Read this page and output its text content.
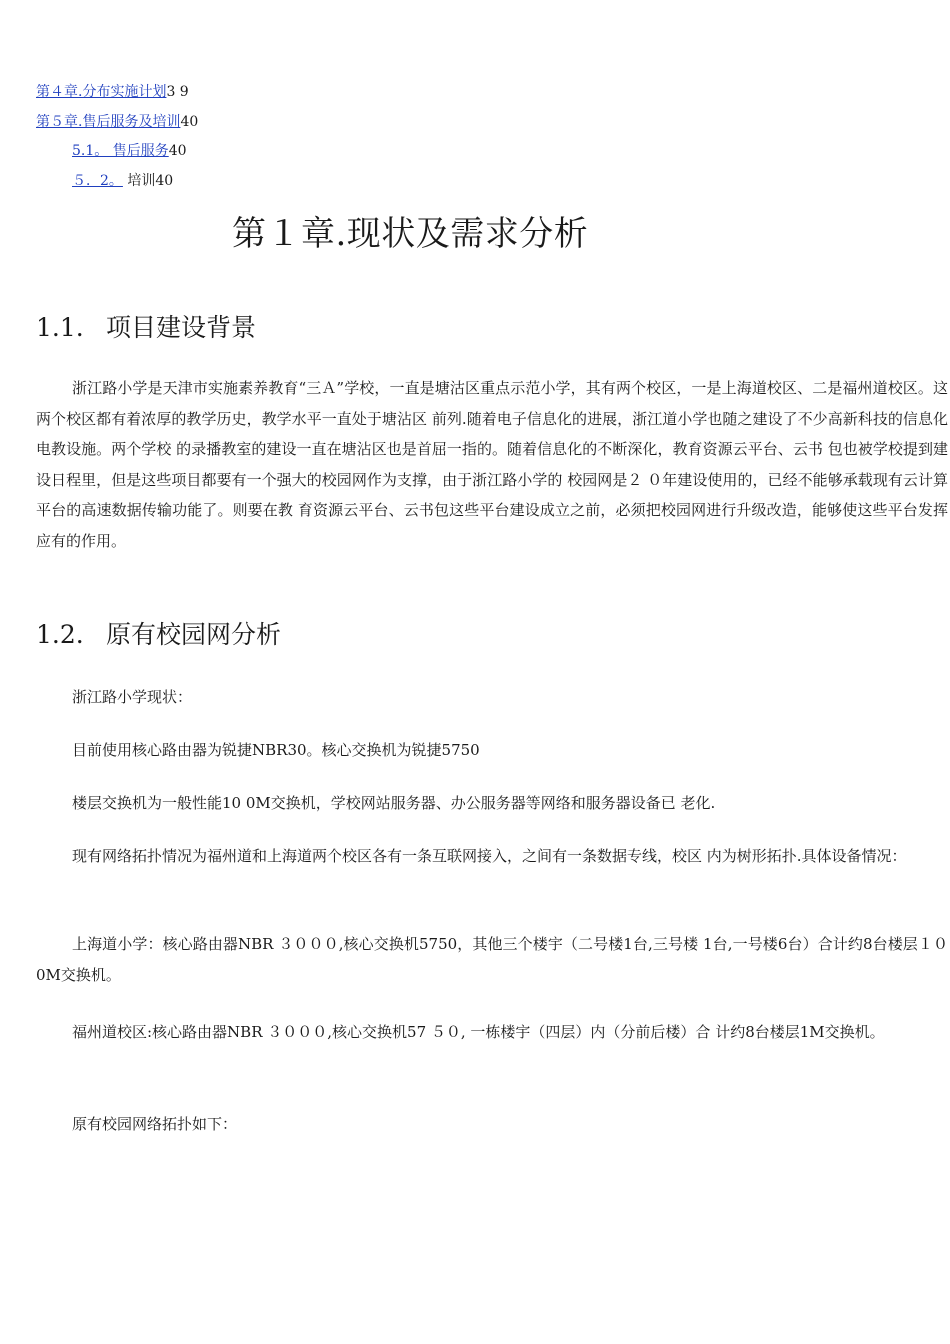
第４章.分布实施计划3 9
第５章.售后服务及培训40
5.1。 售后服务40
５．2。 培训40
第１章.现状及需求分析
1.1. 项目建设背景

浙江路小学是天津市实施素养教育“三Ａ”学校，一直是塘沽区重点示范小学，其有两个校区，一是上海道校区、二是福州道校区。这两个校区都有着浓厚的教学历史，教学水平一直处于塘沾区 前列.随着电子信息化的进展，浙江道小学也随之建设了不少高新科技的信息化电教设施。两个学校 的录播教室的建设一直在塘沾区也是首屈一指的。随着信息化的不断深化，教育资源云平台、云书 包也被学校提到建设日程里，但是这些项目都要有一个强大的校园网作为支撑，由于浙江路小学的 校园网是２ ０年建设使用的，已经不能够承载现有云计算平台的高速数据传输功能了。则要在教 育资源云平台、云书包这些平台建设成立之前，必须把校园网进行升级改造，能够使这些平台发挥 应有的作用。

1.2. 原有校园网分析

浙江路小学现状：

目前使用核心路由器为锐捷NBR30。核心交换机为锐捷5750

楼层交换机为一般性能10 0M交换机，学校网站服务器、办公服务器等网络和服务器设备已 老化.

现有网络拓扑情况为福州道和上海道两个校区各有一条互联网接入，之间有一条数据专线，校区 内为树形拓扑.具体设备情况：

上海道小学：核心路由器NBR ３０００,核心交换机5750，其他三个楼宇（二号楼1台,三号楼 1台,一号楼6台）合计约8台楼层１０0M交换机。

福州道校区:核心路由器NBR ３０００,核心交换机57 ５０, 一栋楼宇（四层）内（分前后楼）合 计约8台楼层1M交换机。

原有校园网络拓扑如下：
